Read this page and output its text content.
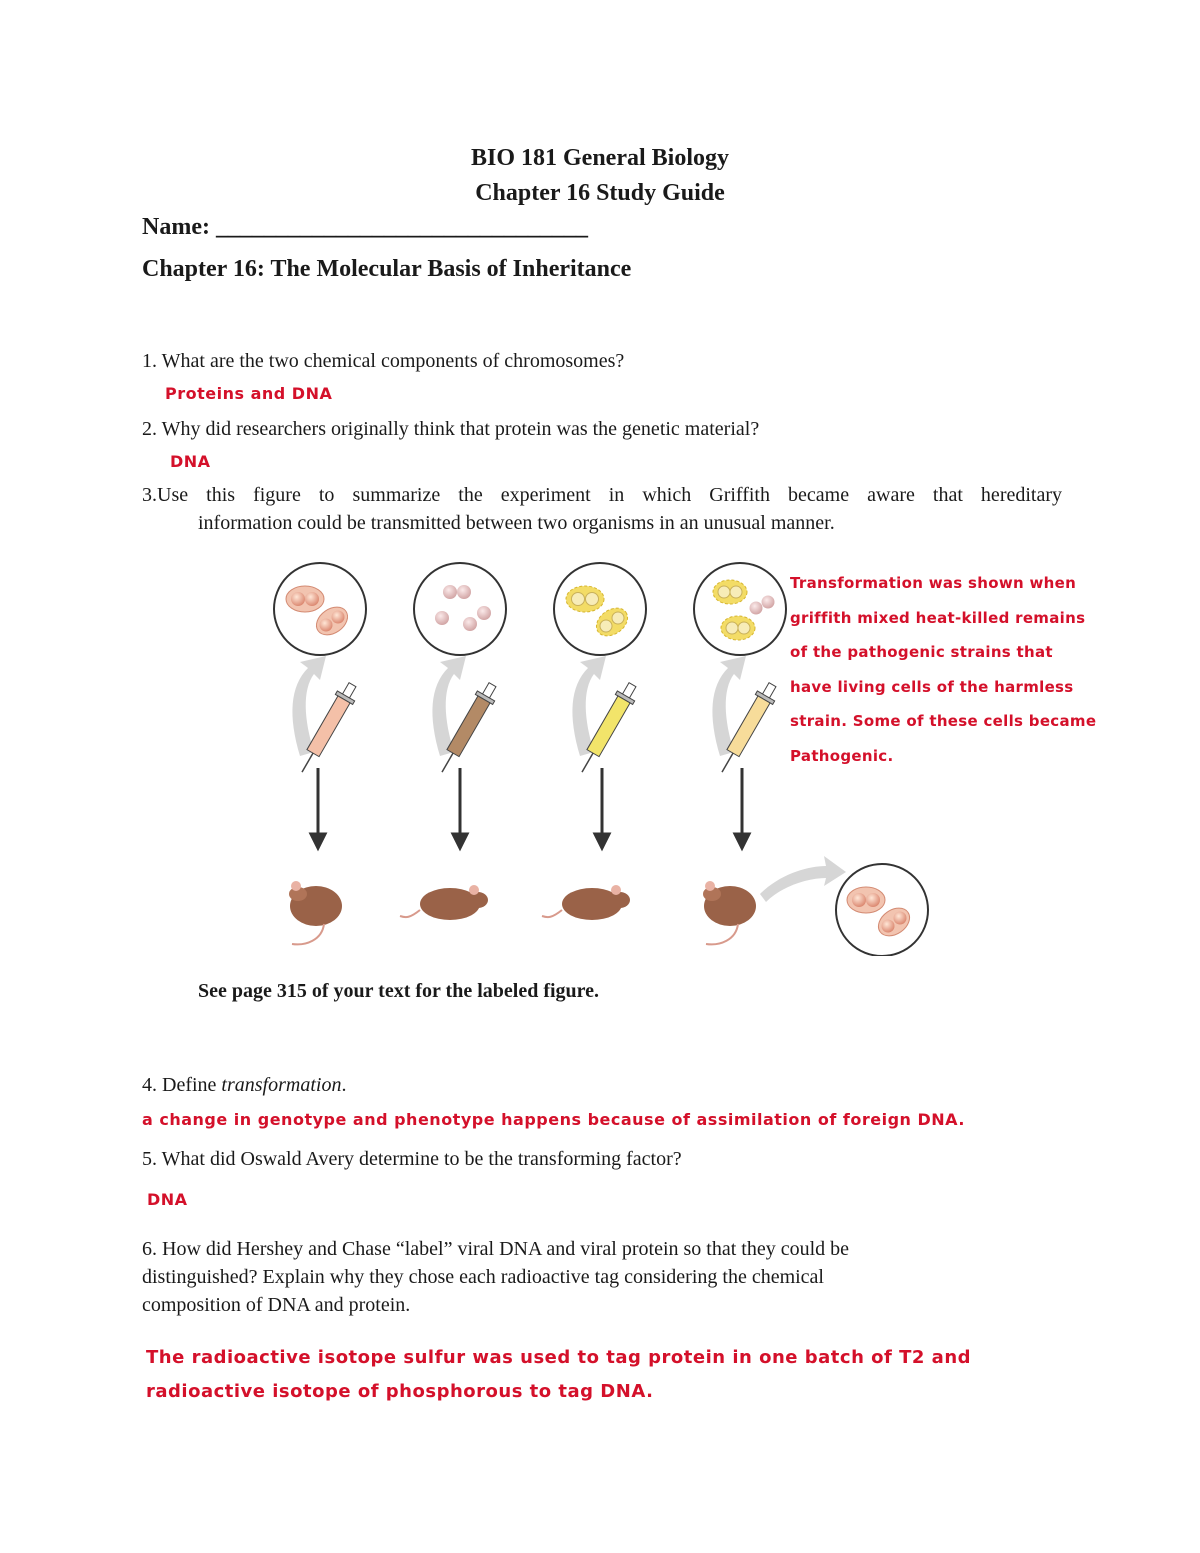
BIO 181 General Biology
Chapter 16 Study Guide
Name: _______________________________
Chapter 16: The Molecular Basis of Inheritance
1. What are the two chemical components of chromosomes?
Proteins and DNA
2. Why did researchers originally think that protein was the genetic material?
DNA
3.Use this figure to summarize the experiment in which Griffith became aware that hereditary
information could be transmitted between two organisms in an unusual manner.
Transformation was shown when
griffith mixed heat-killed remains
of the pathogenic strains that
have living cells of the harmless
strain. Some of these cells became
Pathogenic.
See page 315 of your text for the labeled figure.
4. Define transformation.
a change in genotype and phenotype happens because of assimilation of foreign DNA.
5. What did Oswald Avery determine to be the transforming factor?
DNA
6. How did Hershey and Chase “label” viral DNA and viral protein so that they could be
distinguished? Explain why they chose each radioactive tag considering the chemical
composition of DNA and protein.
The radioactive isotope sulfur was used to tag protein in one batch of T2 and
radioactive isotope of phosphorous to tag DNA.
